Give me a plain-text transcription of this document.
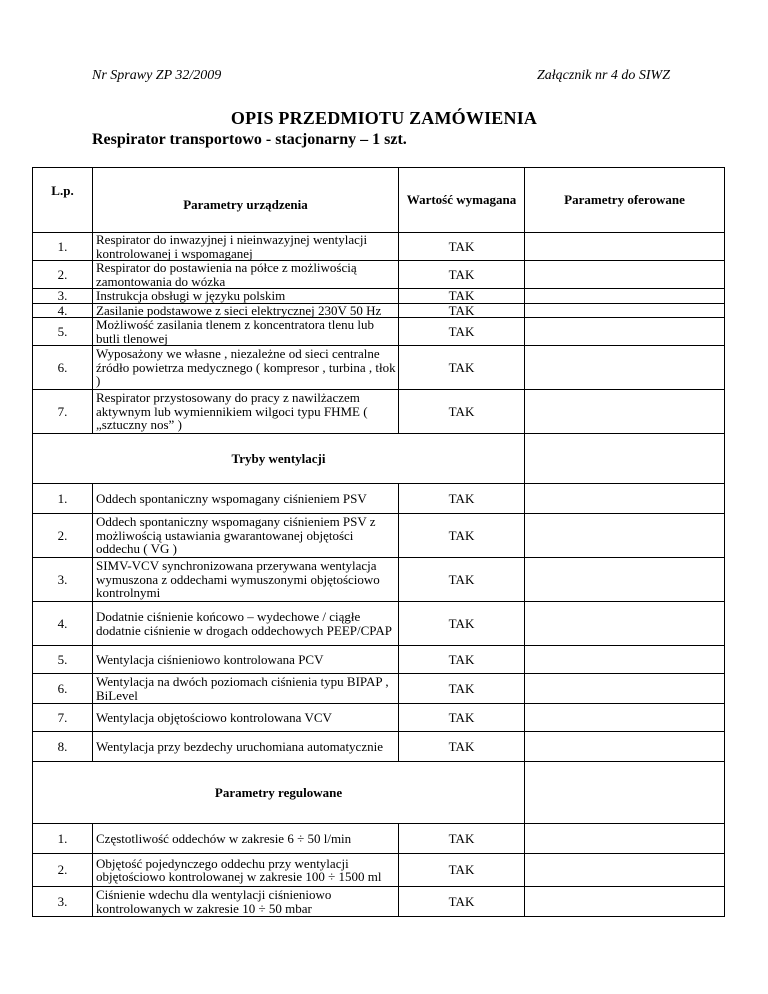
Nr Sprawy ZP 32/2009	Załącznik nr 4 do SIWZ
OPIS PRZEDMIOTU ZAMÓWIENIA
Respirator transportowo - stacjonarny – 1 szt.
L.p.	Parametry urządzenia	Wartość wymagana	Parametry oferowane
1.	Respirator do inwazyjnej i nieinwazyjnej wentylacji kontrolowanej i wspomaganej	TAK	
2.	Respirator do postawienia na półce z możliwością zamontowania do wózka	TAK	
3.	Instrukcja obsługi w języku polskim	TAK	
4.	Zasilanie podstawowe z sieci elektrycznej 230V 50 Hz	TAK	
5.	Możliwość zasilania tlenem z koncentratora tlenu lub butli tlenowej	TAK	
6.	Wyposażony we własne , niezależne od sieci centralne źródło powietrza medycznego ( kompresor , turbina , tłok )	TAK	
7.	Respirator przystosowany do pracy z nawilżaczem aktywnym lub wymiennikiem wilgoci typu FHME ( „sztuczny nos” )	TAK	
Tryby wentylacji			
1.	Oddech spontaniczny wspomagany ciśnieniem PSV	TAK	
2.	Oddech spontaniczny wspomagany ciśnieniem PSV z możliwością ustawiania gwarantowanej objętości oddechu ( VG )	TAK	
3.	SIMV-VCV synchronizowana przerywana wentylacja wymuszona z oddechami wymuszonymi objętościowo kontrolnymi	TAK	
4.	Dodatnie ciśnienie końcowo – wydechowe / ciągłe dodatnie ciśnienie w drogach oddechowych PEEP/CPAP	TAK	
5.	Wentylacja ciśnieniowo kontrolowana PCV	TAK	
6.	Wentylacja na dwóch poziomach ciśnienia typu BIPAP , BiLevel	TAK	
7.	Wentylacja objętościowo kontrolowana VCV	TAK	
8.	Wentylacja przy bezdechy uruchomiana automatycznie	TAK	
Parametry regulowane			
1.	Częstotliwość oddechów w zakresie 6 ÷ 50 l/min	TAK	
2.	Objętość pojedynczego oddechu przy wentylacji objętościowo kontrolowanej w zakresie 100 ÷ 1500 ml	TAK	
3.	Ciśnienie wdechu dla wentylacji ciśnieniowo kontrolowanych w zakresie 10 ÷ 50 mbar	TAK	
